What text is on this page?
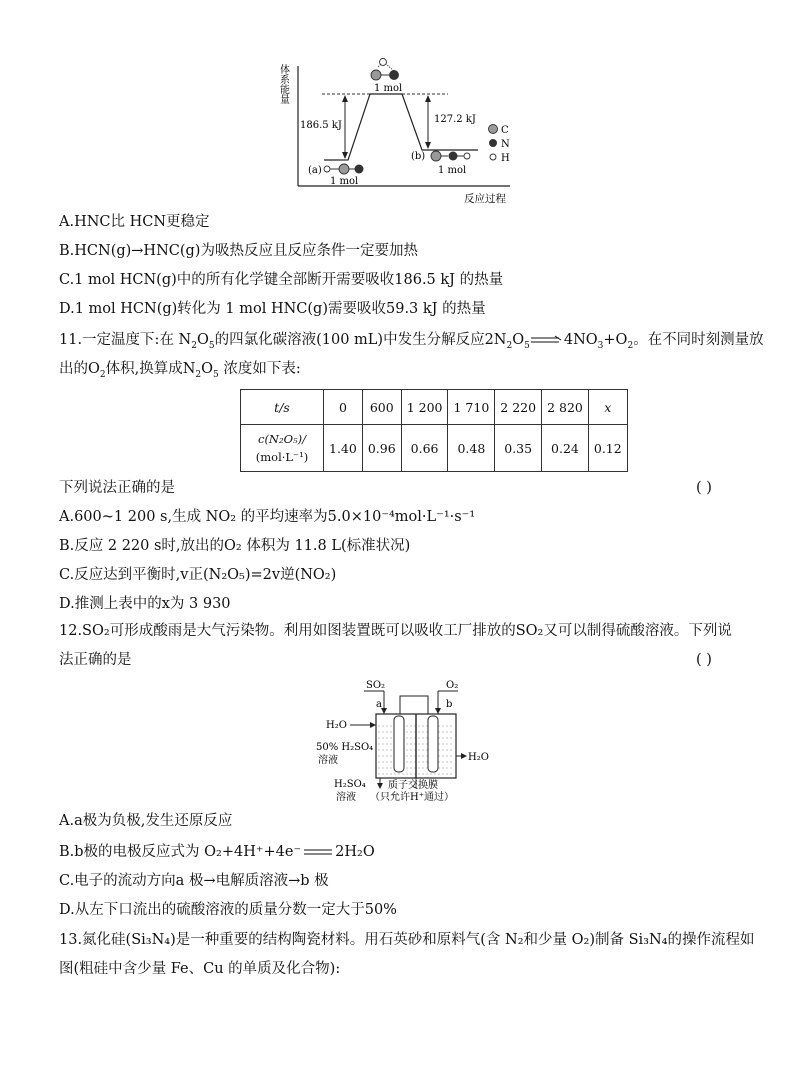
体系能量
反应过程
186.5 kJ
127.2 kJ
1 mol
(a)
1 mol
(b)
1 mol
C
N
H
A.HNC比 HCN更稳定
B.HCN(g)→HNC(g)为吸热反应且反应条件一定要加热
C.1 mol HCN(g)中的所有化学键全部断开需要吸收186.5 kJ 的热量
D.1 mol HCN(g)转化为 1 mol HNC(g)需要吸收59.3 kJ 的热量
11.一定温度下:在 $N_2O_5$的四氯化碳溶液(100 mL)中发生分解反应$2N_2O_5$ $4NO_3+O_2$。在不同时刻测量放
出的$O_2$体积,换算成$N_2O_5$ 浓度如下表:
t/s	0	600	1 200	1 710	2 220	2 820	x
c(N₂O₅)/
(mol·L⁻¹)	1.40	0.96	0.66	0.48	0.35	0.24	0.12
下列说法正确的是	( )
A.600~1 200 s,生成 NO₂ 的平均速率为5.0×10⁻⁴mol·L⁻¹·s⁻¹
B.反应 2 220 s时,放出的O₂ 体积为 11.8 L(标准状况)
C.反应达到平衡时,v正(N₂O₅)=2v逆(NO₂)
D.推测上表中的x为 3 930
12.SO₂可形成酸雨是大气污染物。利用如图装置既可以吸收工厂排放的SO₂又可以制得硫酸溶液。下列说
法正确的是	( )
SO₂
a
O₂
b
H₂O
50% H₂SO₄
溶液	H₂O
H₂SO₄
溶液
质子交换膜
（只允许H⁺通过）
A.a极为负极,发生还原反应
B.b极的电极反应式为 O₂+4H⁺+4e⁻ 2H₂O
C.电子的流动方向a 极→电解质溶液→b 极
D.从左下口流出的硫酸溶液的质量分数一定大于50%
13.氮化硅(Si₃N₄)是一种重要的结构陶瓷材料。用石英砂和原料气(含 N₂和少量 O₂)制备 Si₃N₄的操作流程如
图(粗硅中含少量 Fe、Cu 的单质及化合物):
